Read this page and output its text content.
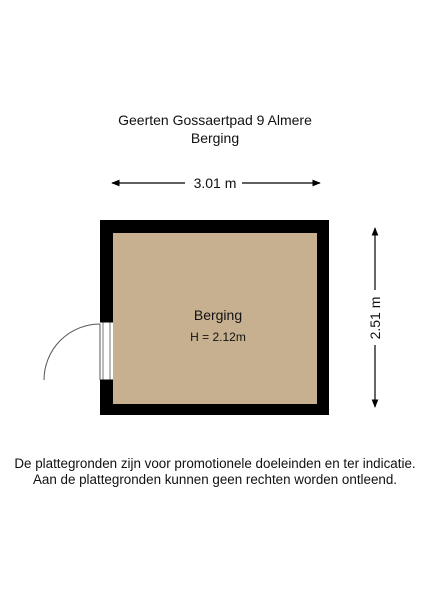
Geerten Gossaertpad 9 Almere
Berging
3.01 m
Berging
H = 2.12m	2.51 m
De plattegronden zijn voor promotionele doeleinden en ter indicatie.
Aan de plattegronden kunnen geen rechten worden ontleend.
